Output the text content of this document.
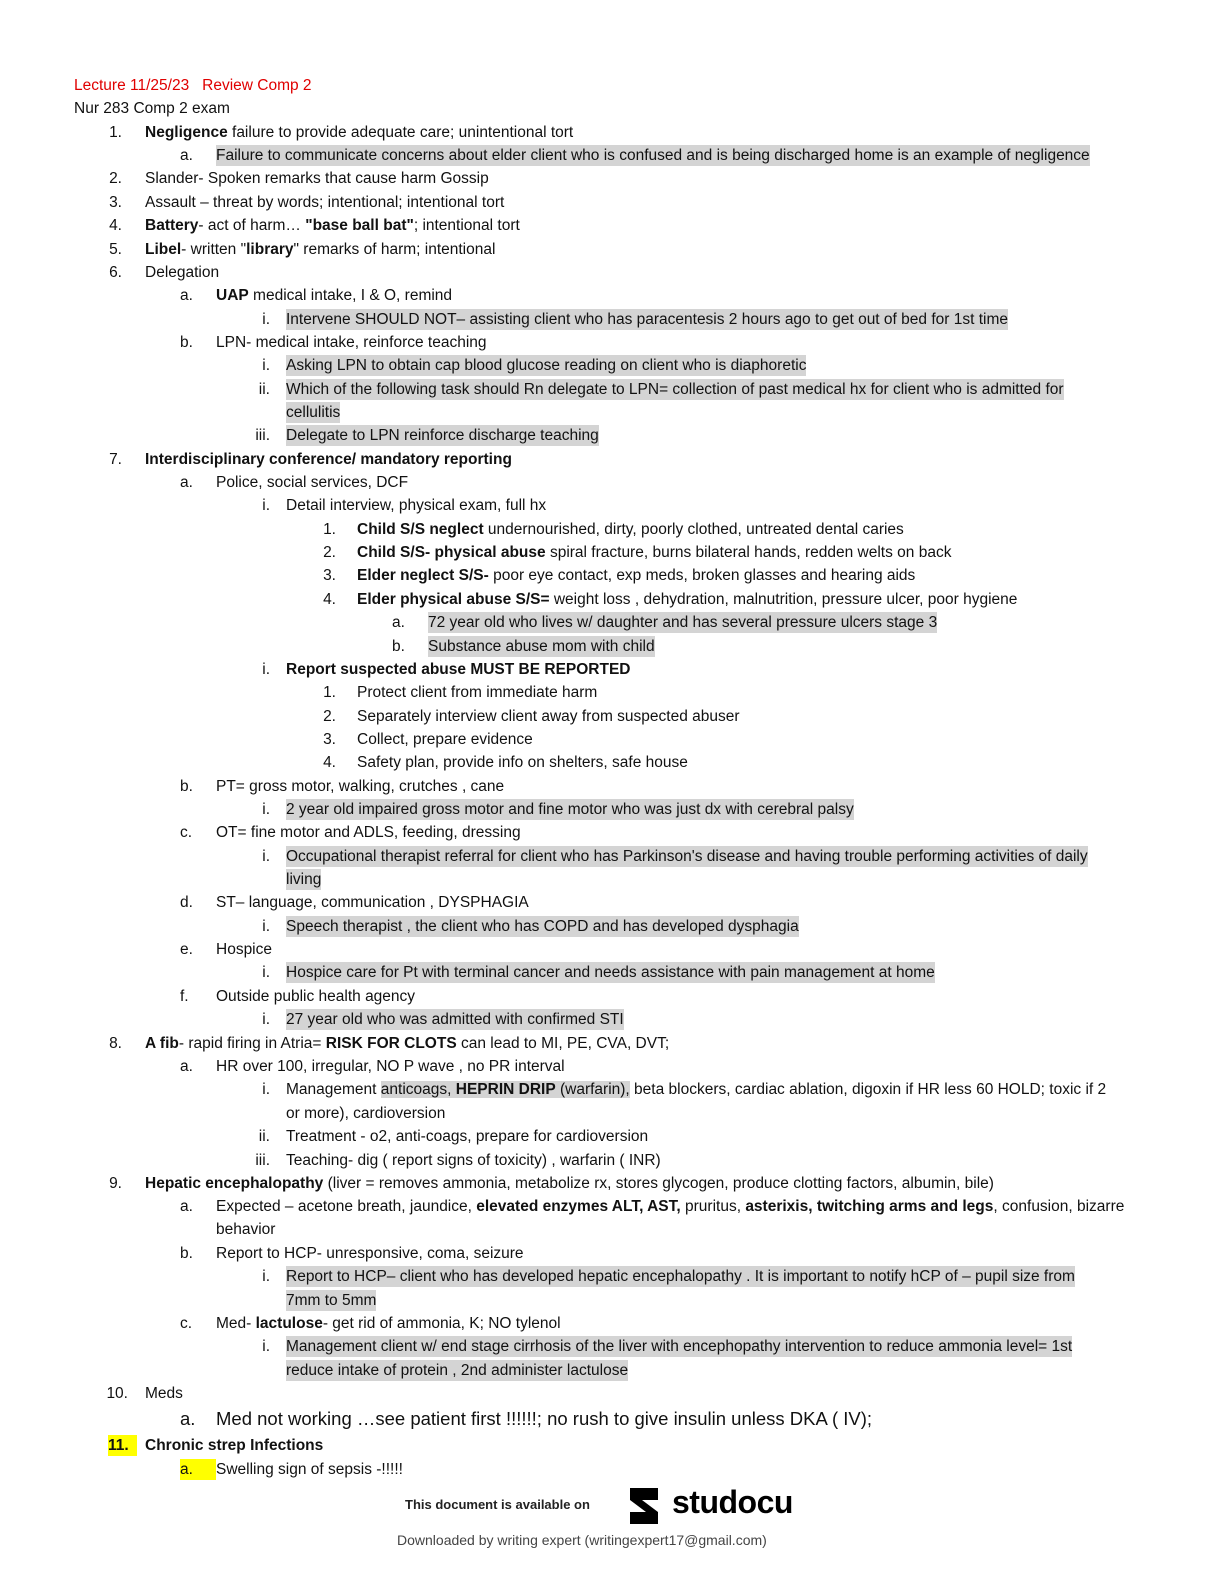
Lecture 11/25/23 Review Comp 2
Nur 283 Comp 2 exam
1. Negligence failure to provide adequate care; unintentional tort
a. Failure to communicate concerns about elder client who is confused and is being discharged home is an example of negligence
2. Slander- Spoken remarks that cause harm Gossip
3. Assault – threat by words; intentional; intentional tort
4. Battery- act of harm… "base ball bat"; intentional tort
5. Libel- written "library" remarks of harm; intentional
6. Delegation
a. UAP medical intake, I & O, remind
i. Intervene SHOULD NOT– assisting client who has paracentesis 2 hours ago to get out of bed for 1st time
b. LPN- medical intake, reinforce teaching
i. Asking LPN to obtain cap blood glucose reading on client who is diaphoretic
ii. Which of the following task should Rn delegate to LPN= collection of past medical hx for client who is admitted for
cellulitis
iii. Delegate to LPN reinforce discharge teaching
7. Interdisciplinary conference/ mandatory reporting
a. Police, social services, DCF
i. Detail interview, physical exam, full hx
1. Child S/S neglect undernourished, dirty, poorly clothed, untreated dental caries
2. Child S/S- physical abuse spiral fracture, burns bilateral hands, redden welts on back
3. Elder neglect S/S- poor eye contact, exp meds, broken glasses and hearing aids
4. Elder physical abuse S/S= weight loss , dehydration, malnutrition, pressure ulcer, poor hygiene
a. 72 year old who lives w/ daughter and has several pressure ulcers stage 3
b. Substance abuse mom with child
i. Report suspected abuse MUST BE REPORTED
1. Protect client from immediate harm
2. Separately interview client away from suspected abuser
3. Collect, prepare evidence
4. Safety plan, provide info on shelters, safe house
b. PT= gross motor, walking, crutches , cane
i. 2 year old impaired gross motor and fine motor who was just dx with cerebral palsy
c. OT= fine motor and ADLS, feeding, dressing
i. Occupational therapist referral for client who has Parkinson's disease and having trouble performing activities of daily
living
d. ST– language, communication , DYSPHAGIA
i. Speech therapist , the client who has COPD and has developed dysphagia
e. Hospice
i. Hospice care for Pt with terminal cancer and needs assistance with pain management at home
f. Outside public health agency
i. 27 year old who was admitted with confirmed STI
8. A fib- rapid firing in Atria= RISK FOR CLOTS can lead to MI, PE, CVA, DVT;
a. HR over 100, irregular, NO P wave , no PR interval
i. Management anticoags, HEPRIN DRIP (warfarin), beta blockers, cardiac ablation, digoxin if HR less 60 HOLD; toxic if 2
or more), cardioversion
ii. Treatment - o2, anti-coags, prepare for cardioversion
iii. Teaching- dig ( report signs of toxicity) , warfarin ( INR)
9. Hepatic encephalopathy (liver = removes ammonia, metabolize rx, stores glycogen, produce clotting factors, albumin, bile)
a. Expected – acetone breath, jaundice, elevated enzymes ALT, AST, pruritus, asterixis, twitching arms and legs, confusion, bizarre
behavior
b. Report to HCP- unresponsive, coma, seizure
i. Report to HCP– client who has developed hepatic encephalopathy . It is important to notify hCP of – pupil size from
7mm to 5mm
c. Med- lactulose- get rid of ammonia, K; NO tylenol
i. Management client w/ end stage cirrhosis of the liver with encephopathy intervention to reduce ammonia level= 1st
reduce intake of protein , 2nd administer lactulose
10. Meds
a. Med not working …see patient first !!!!!!; no rush to give insulin unless DKA ( IV);
11.	Chronic strep Infections
a.	Swelling sign of sepsis -!!!!!
This document is available on	studocu
Downloaded by writing expert (writingexpert17@gmail.com)
